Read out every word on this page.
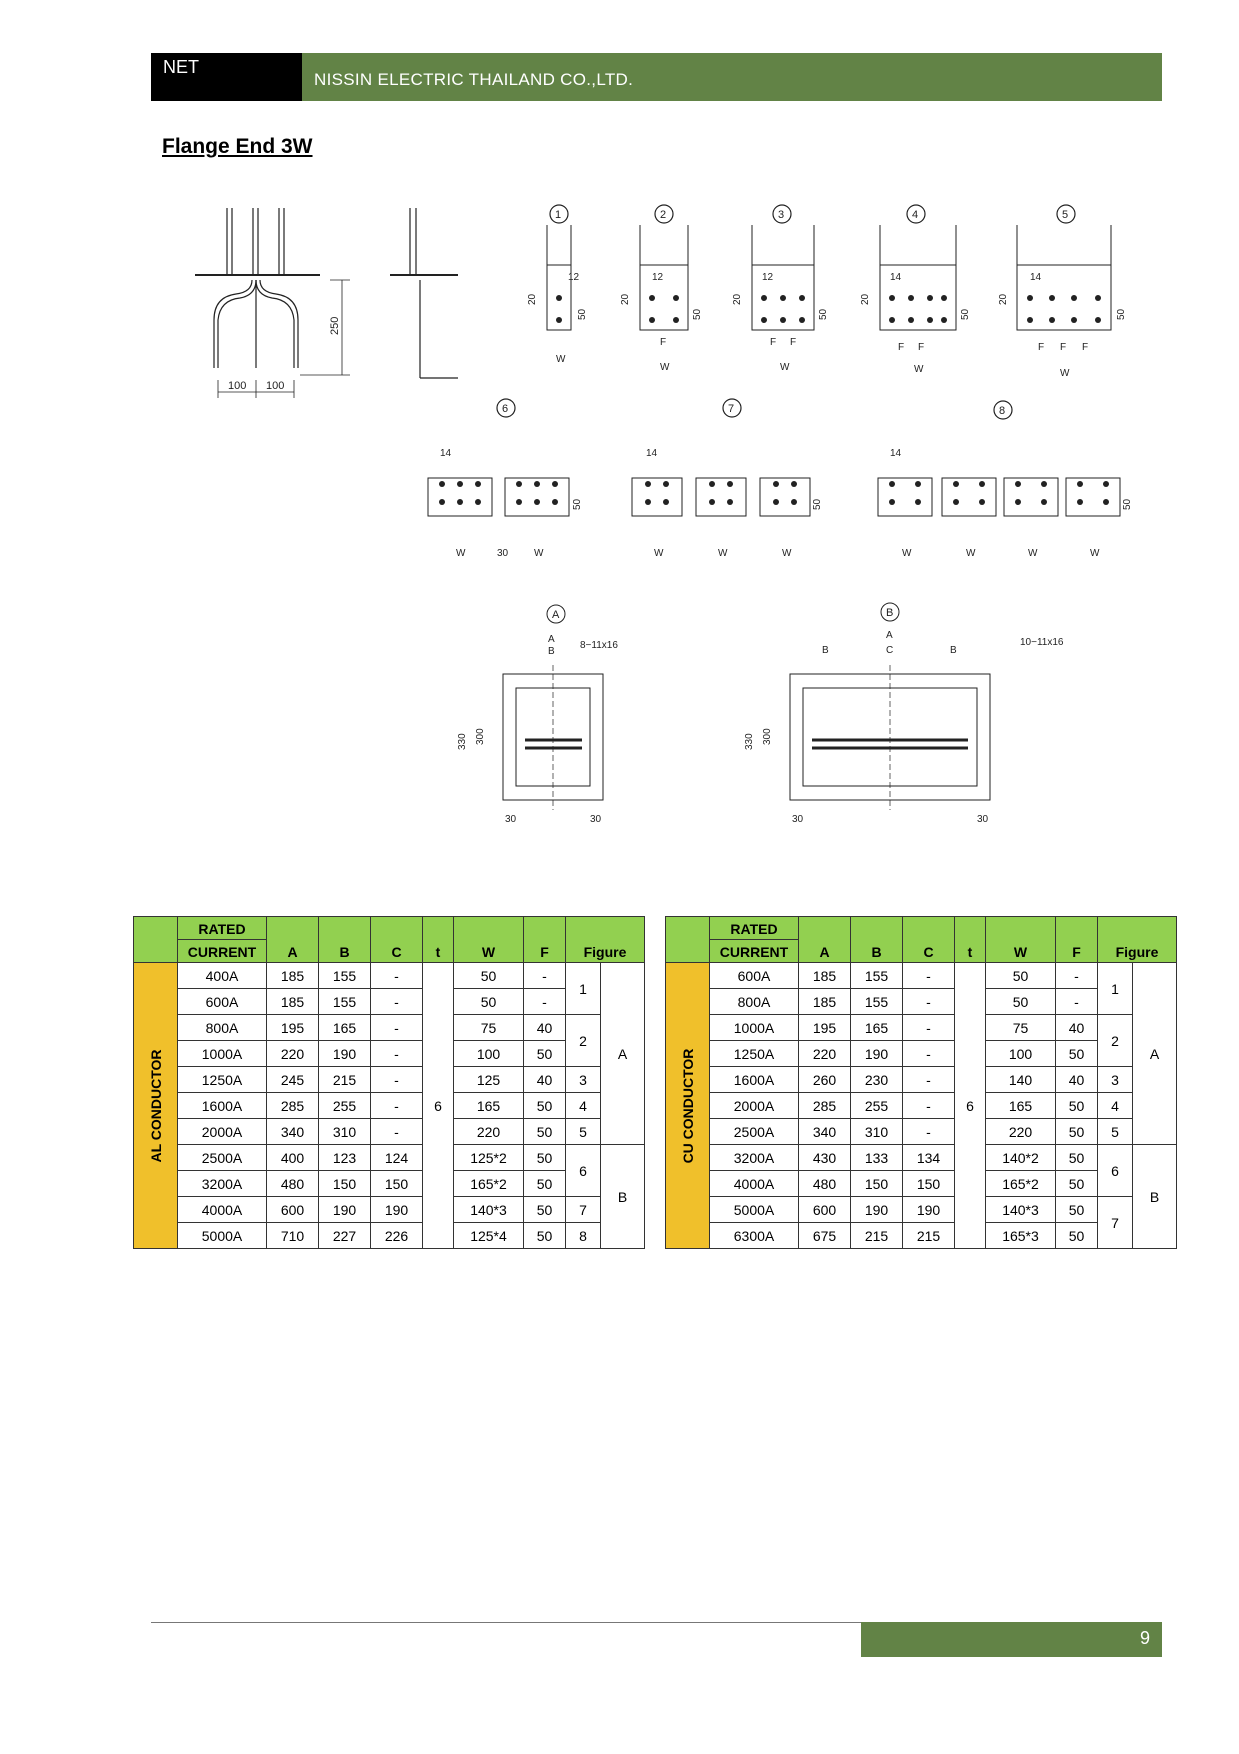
NET
NISSIN ELECTRIC THAILAND CO.,LTD.
Flange End 3W
100 100
250
1	2	3	4	5
6	7	8
12	12	12	14	14
W
W	W	W	W
F	F F	F F	F F F
50	50	50	50	50
20	20	20	20	20
14	14	14
W	W
30	W	W	W	W	W	W	W
50	50	50
A
8−11x16
A
B
330 300
30	30
B
10−11x16
A
B	C	B
330 300
30	30
	RATED	A	B	C	t	W	F	Figure	
	CURRENT								

AL CONDUCTOR	400A	185	155	-	6	50	-	1	A
	600A	185	155	-		50	-		
	800A	195	165	-		75	40	2	
	1000A	220	190	-		100	50		
	1250A	245	215	-		125	40	3	
	1600A	285	255	-		165	50	4	
	2000A	340	310	-		220	50	5	
	2500A	400	123	124		125*2	50	6	B
	3200A	480	150	150		165*2	50		
	4000A	600	190	190		140*3	50	7	
	5000A	710	227	226		125*4	50	8	
	RATED	A	B	C	t	W	F	Figure	
	CURRENT								

CU CONDUCTOR	600A	185	155	-	6	50	-	1	A
	800A	185	155	-		50	-		
	1000A	195	165	-		75	40	2	
	1250A	220	190	-		100	50		
	1600A	260	230	-		140	40	3	
	2000A	285	255	-		165	50	4	
	2500A	340	310	-		220	50	5	
	3200A	430	133	134		140*2	50	6	B
	4000A	480	150	150		165*2	50		
	5000A	600	190	190		140*3	50	7	
	6300A	675	215	215		165*3	50		
9
